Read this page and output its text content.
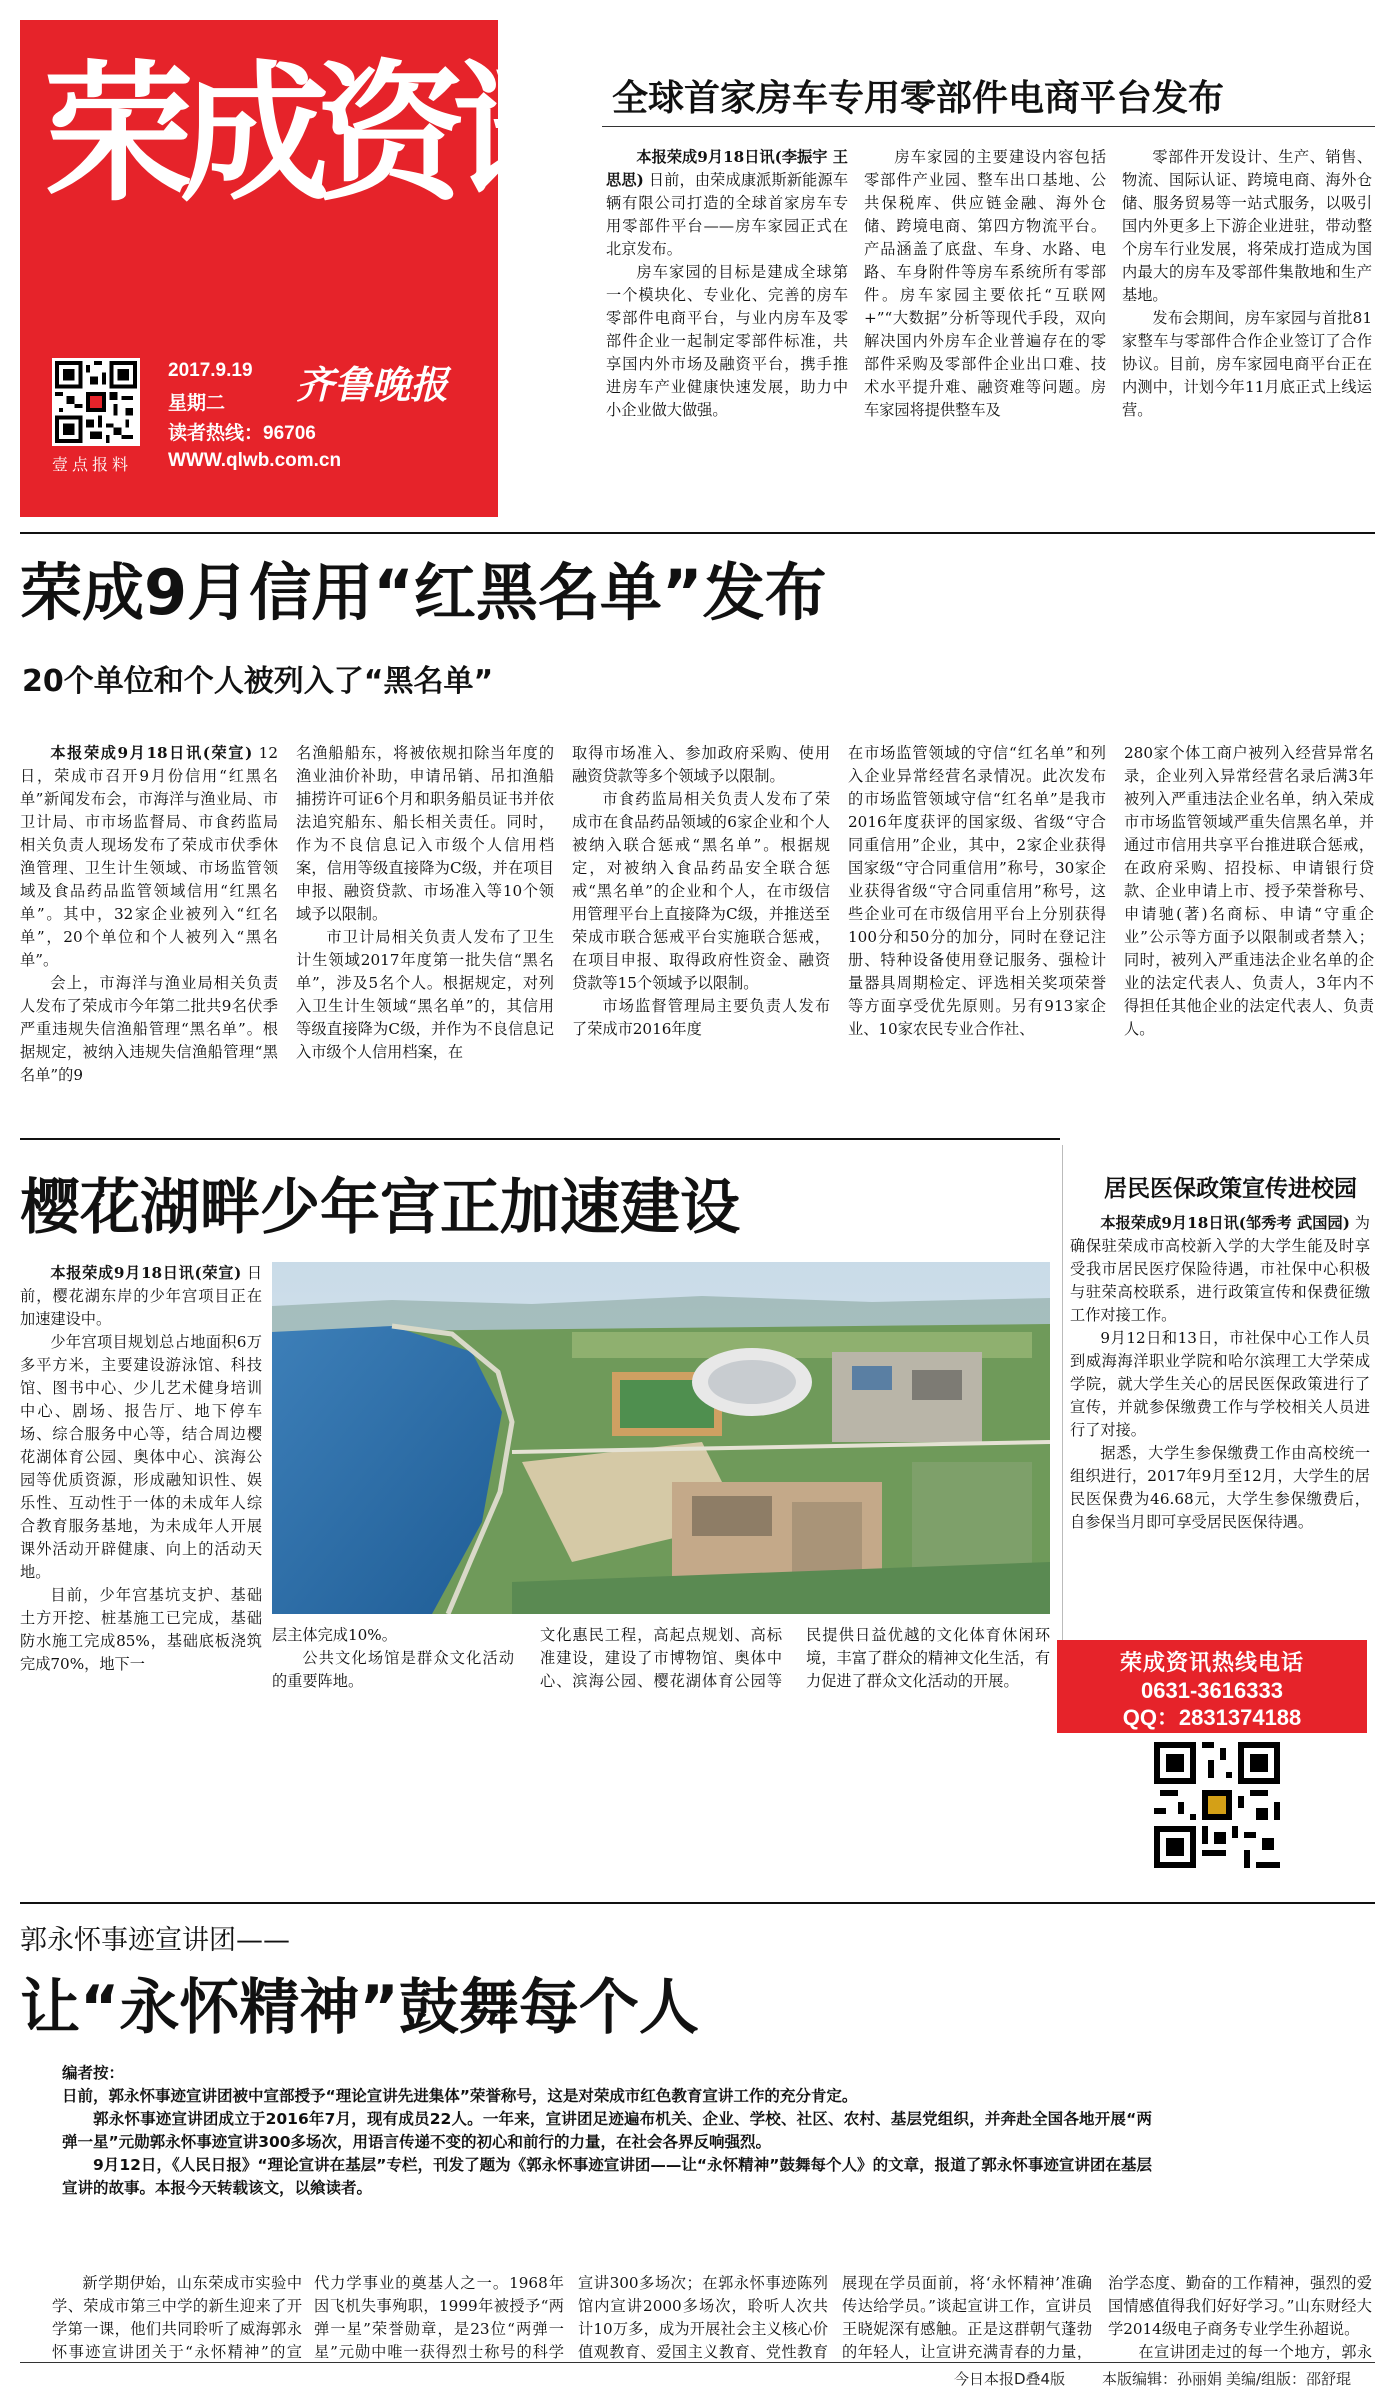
荣成资讯
壹点报料
2017.9.19
星期二
读者热线：96706
WWW.qlwb.com.cn
齐鲁晚报
全球首家房车专用零部件电商平台发布
本报荣成9月18日讯(李振宇 王思思) 日前，由荣成康派斯新能源车辆有限公司打造的全球首家房车专用零部件平台——房车家园正式在北京发布。
房车家园的目标是建成全球第一个模块化、专业化、完善的房车零部件电商平台，与业内房车及零部件企业一起制定零部件标准，共享国内外市场及融资平台，携手推进房车产业健康快速发展，助力中小企业做大做强。
房车家园的主要建设内容包括零部件产业园、整车出口基地、公共保税库、供应链金融、海外仓储、跨境电商、第四方物流平台。产品涵盖了底盘、车身、水路、电路、车身附件等房车系统所有零部件。房车家园主要依托“互联网+”“大数据”分析等现代手段，双向解决国内外房车企业普遍存在的零部件采购及零部件企业出口难、技术水平提升难、融资难等问题。房车家园将提供整车及
零部件开发设计、生产、销售、物流、国际认证、跨境电商、海外仓储、服务贸易等一站式服务，以吸引国内外更多上下游企业进驻，带动整个房车行业发展，将荣成打造成为国内最大的房车及零部件集散地和生产基地。
发布会期间，房车家园与首批81家整车与零部件合作企业签订了合作协议。目前，房车家园电商平台正在内测中，计划今年11月底正式上线运营。
荣成9月信用“红黑名单”发布
20个单位和个人被列入了“黑名单”
本报荣成9月18日讯(荣宣) 12日，荣成市召开9月份信用“红黑名单”新闻发布会，市海洋与渔业局、市卫计局、市市场监督局、市食药监局相关负责人现场发布了荣成市伏季休渔管理、卫生计生领域、市场监管领域及食品药品监管领域信用“红黑名单”。其中，32家企业被列入“红名单”，20个单位和个人被列入“黑名单”。
会上，市海洋与渔业局相关负责人发布了荣成市今年第二批共9名伏季严重违规失信渔船管理“黑名单”。根据规定，被纳入违规失信渔船管理“黑名单”的9
名渔船船东，将被依规扣除当年度的渔业油价补助，申请吊销、吊扣渔船捕捞许可证6个月和职务船员证书并依法追究船东、船长相关责任。同时，作为不良信息记入市级个人信用档案，信用等级直接降为C级，并在项目申报、融资贷款、市场准入等10个领域予以限制。
市卫计局相关负责人发布了卫生计生领域2017年度第一批失信“黑名单”，涉及5名个人。根据规定，对列入卫生计生领域“黑名单”的，其信用等级直接降为C级，并作为不良信息记入市级个人信用档案，在
取得市场准入、参加政府采购、使用融资贷款等多个领域予以限制。
市食药监局相关负责人发布了荣成市在食品药品领域的6家企业和个人被纳入联合惩戒“黑名单”。根据规定，对被纳入食品药品安全联合惩戒“黑名单”的企业和个人，在市级信用管理平台上直接降为C级，并推送至荣成市联合惩戒平台实施联合惩戒，在项目申报、取得政府性资金、融资贷款等15个领域予以限制。
市场监督管理局主要负责人发布了荣成市2016年度
在市场监管领域的守信“红名单”和列入企业异常经营名录情况。此次发布的市场监管领域守信“红名单”是我市2016年度获评的国家级、省级“守合同重信用”企业，其中，2家企业获得国家级“守合同重信用”称号，30家企业获得省级“守合同重信用”称号，这些企业可在市级信用平台上分别获得100分和50分的加分，同时在登记注册、特种设备使用登记服务、强检计量器具周期检定、评选相关奖项荣誉等方面享受优先原则。另有913家企业、10家农民专业合作社、
280家个体工商户被列入经营异常名录，企业列入异常经营名录后满3年被列入严重违法企业名单，纳入荣成市市场监管领域严重失信黑名单，并通过市信用共享平台推进联合惩戒，在政府采购、招投标、申请银行贷款、企业申请上市、授予荣誉称号、申请驰(著)名商标、申请“守重企业”公示等方面予以限制或者禁入；同时，被列入严重违法企业名单的企业的法定代表人、负责人，3年内不得担任其他企业的法定代表人、负责人。
樱花湖畔少年宫正加速建设
本报荣成9月18日讯(荣宣) 日前，樱花湖东岸的少年宫项目正在加速建设中。
少年宫项目规划总占地面积6万多平方米，主要建设游泳馆、科技馆、图书中心、少儿艺术健身培训中心、剧场、报告厅、地下停车场、综合服务中心等，结合周边樱花湖体育公园、奥体中心、滨海公园等优质资源，形成融知识性、娱乐性、互动性于一体的未成年人综合教育服务基地，为未成年人开展课外活动开辟健康、向上的活动天地。
目前，少年宫基坑支护、基础土方开挖、桩基施工已完成，基础防水施工完成85%，基础底板浇筑完成70%，地下一
层主体完成10%。
公共文化场馆是群众文化活动的重要阵地。
文化惠民工程，高起点规划、高标准建设，建设了市博物馆、奥体中心、滨海公园、樱花湖体育公园等
民提供日益优越的文化体育休闲环境，丰富了群众的精神文化生活，有力促进了群众文化活动的开展。
居民医保政策宣传进校园
本报荣成9月18日讯(邹秀考 武国园) 为确保驻荣成市高校新入学的大学生能及时享受我市居民医疗保险待遇，市社保中心积极与驻荣高校联系，进行政策宣传和保费征缴工作对接工作。
9月12日和13日，市社保中心工作人员到威海海洋职业学院和哈尔滨理工大学荣成学院，就大学生关心的居民医保政策进行了宣传，并就参保缴费工作与学校相关人员进行了对接。
据悉，大学生参保缴费工作由高校统一组织进行，2017年9月至12月，大学生的居民医保费为46.68元，大学生参保缴费后，自参保当月即可享受居民医保待遇。
荣成资讯热线电话
0631-3616333
QQ：2831374188
郭永怀事迹宣讲团——
让“永怀精神”鼓舞每个人
编者按：
日前，郭永怀事迹宣讲团被中宣部授予“理论宣讲先进集体”荣誉称号，这是对荣成市红色教育宣讲工作的充分肯定。
郭永怀事迹宣讲团成立于2016年7月，现有成员22人。一年来，宣讲团足迹遍布机关、企业、学校、社区、农村、基层党组织，并奔赴全国各地开展“两弹一星”元勋郭永怀事迹宣讲300多场次，用语言传递不变的初心和前行的力量，在社会各界反响强烈。
9月12日，《人民日报》“理论宣讲在基层”专栏，刊发了题为《郭永怀事迹宣讲团——让“永怀精神”鼓舞每个人》的文章，报道了郭永怀事迹宣讲团在基层宣讲的故事。本报今天转载该文，以飨读者。
新学期伊始，山东荣成市实验中学、荣成市第三中学的新生迎来了开学第一课，他们共同聆听了威海郭永怀事迹宣讲团关于“永怀精神”的宣
代力学事业的奠基人之一。1968年因飞机失事殉职，1999年被授予“两弹一星”荣誉勋章，是23位“两弹一星”元勋中唯一获得烈士称号的科学
宣讲300多场次；在郭永怀事迹陈列馆内宣讲2000多场次，聆听人次共计10万多，成为开展社会主义核心价值观教育、爱国主义教育、党性教育
展现在学员面前，将‘永怀精神’准确传达给学员。”谈起宣讲工作，宣讲员王晓妮深有感触。正是这群朝气蓬勃的年轻人，让宣讲充满青春的力量，
治学态度、勤奋的工作精神，强烈的爱国情感值得我们好好学习。”山东财经大学2014级电子商务专业学生孙超说。
在宣讲团走过的每一个地方，郭永
今日本报D叠4版 本版编辑：孙丽娟 美编/组版：邵舒琨
